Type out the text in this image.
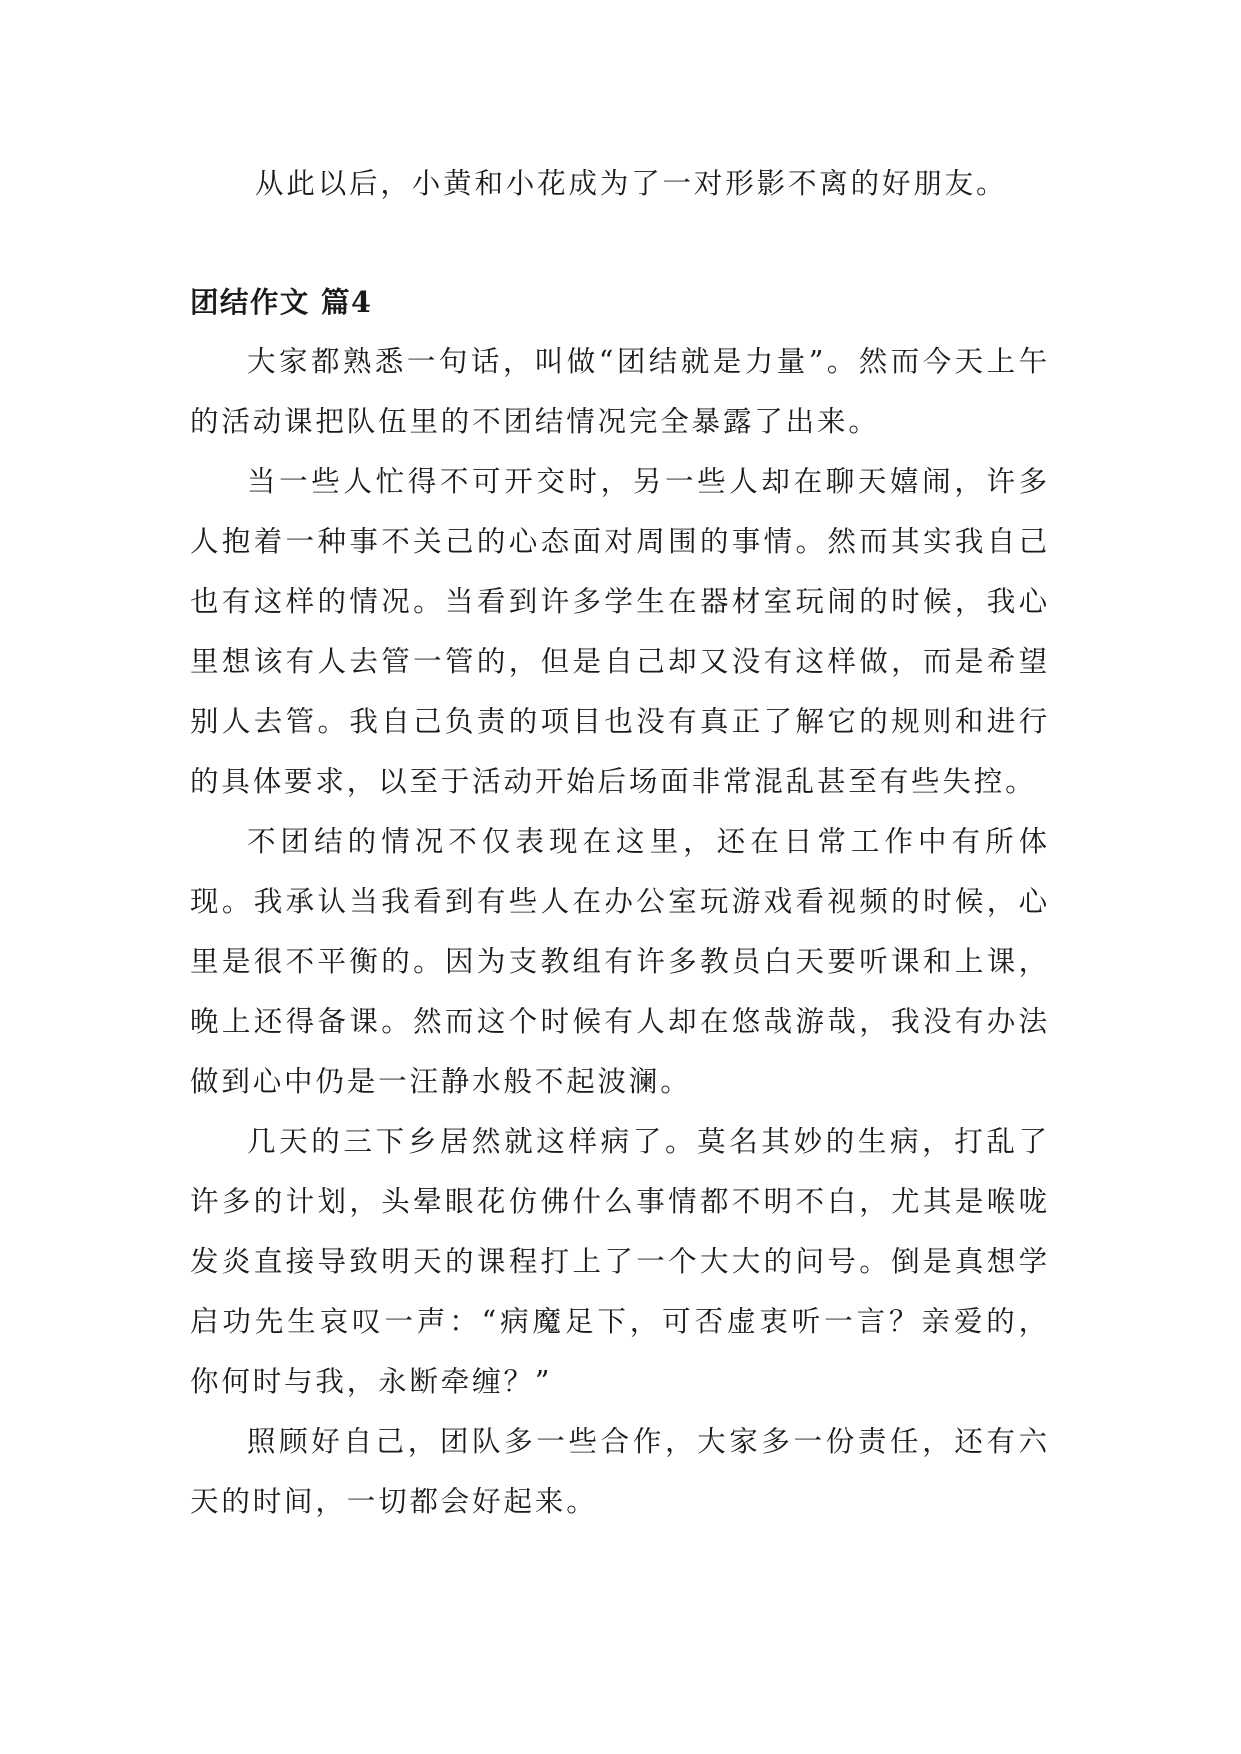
从此以后，小黄和小花成为了一对形影不离的好朋友。

团结作文 篇4

大家都熟悉一句话，叫做“团结就是力量”。然而今天上午的活动课把队伍里的不团结情况完全暴露了出来。

当一些人忙得不可开交时，另一些人却在聊天嬉闹，许多人抱着一种事不关己的心态面对周围的事情。然而其实我自己也有这样的情况。当看到许多学生在器材室玩闹的时候，我心里想该有人去管一管的，但是自己却又没有这样做，而是希望别人去管。我自己负责的项目也没有真正了解它的规则和进行的具体要求，以至于活动开始后场面非常混乱甚至有些失控。

不团结的情况不仅表现在这里，还在日常工作中有所体现。我承认当我看到有些人在办公室玩游戏看视频的时候，心里是很不平衡的。因为支教组有许多教员白天要听课和上课，晚上还得备课。然而这个时候有人却在悠哉游哉，我没有办法做到心中仍是一汪静水般不起波澜。

几天的三下乡居然就这样病了。莫名其妙的生病，打乱了许多的计划，头晕眼花仿佛什么事情都不明不白，尤其是喉咙发炎直接导致明天的课程打上了一个大大的问号。倒是真想学启功先生哀叹一声：“病魔足下，可否虚衷听一言？亲爱的，你何时与我，永断牵缠？”

照顾好自己，团队多一些合作，大家多一份责任，还有六天的时间，一切都会好起来。
